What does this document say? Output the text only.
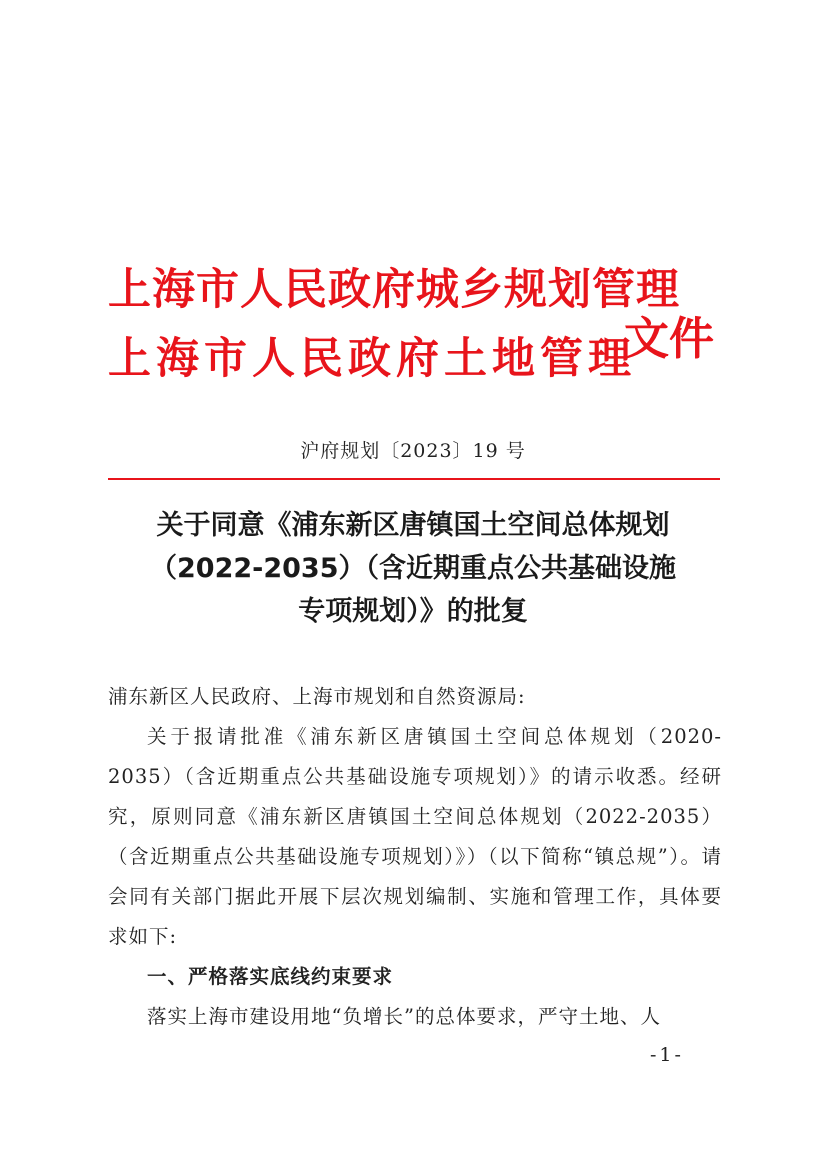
上海市人民政府城乡规划管理
上海市人民政府土地管理
文件
沪府规划〔2023〕19 号
关于同意《浦东新区唐镇国土空间总体规划
（2022-2035）（含近期重点公共基础设施
专项规划）》的批复

浦东新区人民政府、上海市规划和自然资源局:

关于报请批准《浦东新区唐镇国土空间总体规划（2020-2035）（含近期重点公共基础设施专项规划）》的请示收悉。经研究，原则同意《浦东新区唐镇国土空间总体规划（2022-2035）（含近期重点公共基础设施专项规划）》）（以下简称“镇总规”）。请会同有关部门据此开展下层次规划编制、实施和管理工作，具体要求如下:

一、严格落实底线约束要求

落实上海市建设用地“负增长”的总体要求，严守土地、人

-1-
